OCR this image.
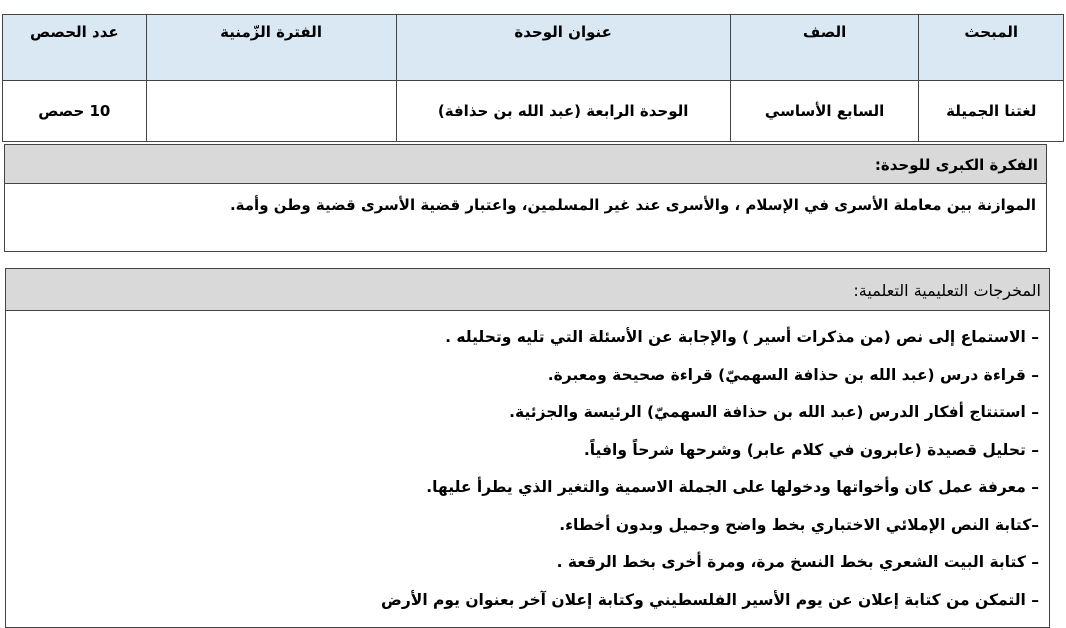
المبحث	الصف	عنوان الوحدة	الفترة الزّمنية	عدد الحصص
لغتنا الجميلة	السابع الأساسي	الوحدة الرابعة (عبد الله بن حذافة)		10 حصص
الفكرة الكبرى للوحدة:
الموازنة بين معاملة الأسرى في الإسلام ، والأسرى عند غير المسلمين، واعتبار قضية الأسرى قضية وطن وأمة.
المخرجات التعليمية التعلمية:
– الاستماع إلى نص (من مذكرات أسير ) والإجابة عن الأسئلة التي تليه وتحليله .
– قراءة درس (عبد الله بن حذافة السهميّ) قراءة صحيحة ومعبرة.
– استنتاج أفكار الدرس (عبد الله بن حذافة السهميّ) الرئيسة والجزئية.
– تحليل قصيدة (عابرون في كلام عابر) وشرحها شرحاً وافياً.
– معرفة عمل كان وأخواتها ودخولها على الجملة الاسمية والتغير الذي يطرأ عليها.
–كتابة النص الإملائي الاختباري بخط واضح وجميل وبدون أخطاء.
– كتابة البيت الشعري بخط النسخ مرة، ومرة أخرى بخط الرقعة .
– التمكن من كتابة إعلان عن يوم الأسير الفلسطيني وكتابة إعلان آخر بعنوان يوم الأرض
